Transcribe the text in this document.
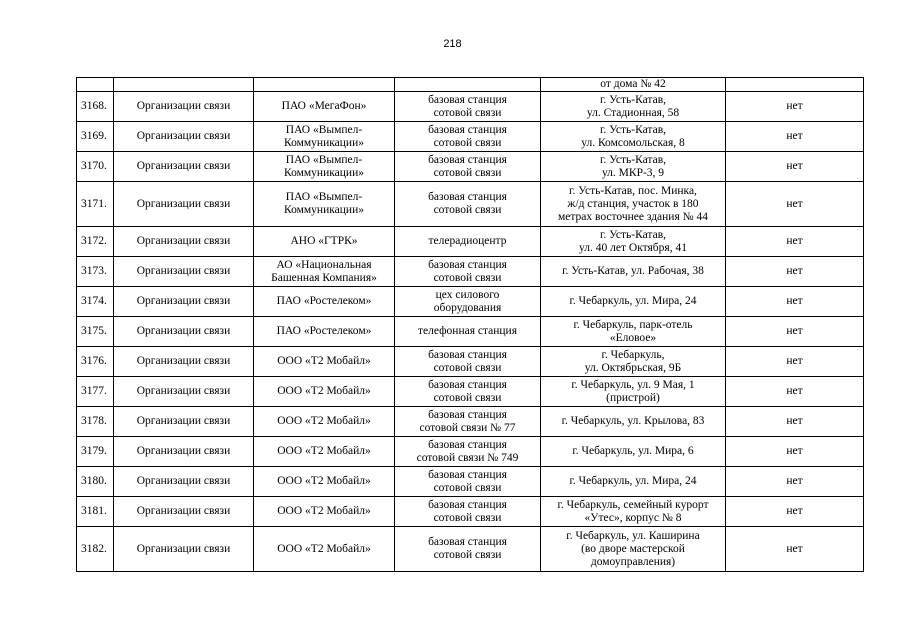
218
				от дома № 42	
3168.	Организации связи	ПАО «МегаФон»	базовая станция
сотовой связи	г. Усть-Катав,
ул. Стадионная, 58	нет
3169.	Организации связи	ПАО «Вымпел-
Коммуникации»	базовая станция
сотовой связи	г. Усть-Катав,
ул. Комсомольская, 8	нет
3170.	Организации связи	ПАО «Вымпел-
Коммуникации»	базовая станция
сотовой связи	г. Усть-Катав,
ул. МКР-3, 9	нет
3171.	Организации связи	ПАО «Вымпел-
Коммуникации»	базовая станция
сотовой связи	г. Усть-Катав, пос. Минка,
ж/д станция, участок в 180
метрах восточнее здания № 44	нет
3172.	Организации связи	АНО «ГТРК»	телерадиоцентр	г. Усть-Катав,
ул. 40 лет Октября, 41	нет
3173.	Организации связи	АО «Национальная
Башенная Компания»	базовая станция
сотовой связи	г. Усть-Катав, ул. Рабочая, 38	нет
3174.	Организации связи	ПАО «Ростелеком»	цех силового
оборудования	г. Чебаркуль, ул. Мира, 24	нет
3175.	Организации связи	ПАО «Ростелеком»	телефонная станция	г. Чебаркуль, парк-отель
«Еловое»	нет
3176.	Организации связи	ООО «Т2 Мобайл»	базовая станция
сотовой связи	г. Чебаркуль,
ул. Октябрьская, 9Б	нет
3177.	Организации связи	ООО «Т2 Мобайл»	базовая станция
сотовой связи	г. Чебаркуль, ул. 9 Мая, 1
(пристрой)	нет
3178.	Организации связи	ООО «Т2 Мобайл»	базовая станция
сотовой связи № 77	г. Чебаркуль, ул. Крылова, 83	нет
3179.	Организации связи	ООО «Т2 Мобайл»	базовая станция
сотовой связи № 749	г. Чебаркуль, ул. Мира, 6	нет
3180.	Организации связи	ООО «Т2 Мобайл»	базовая станция
сотовой связи	г. Чебаркуль, ул. Мира, 24	нет
3181.	Организации связи	ООО «Т2 Мобайл»	базовая станция
сотовой связи	г. Чебаркуль, семейный курорт
«Утес», корпус № 8	нет
3182.	Организации связи	ООО «Т2 Мобайл»	базовая станция
сотовой связи	г. Чебаркуль, ул. Каширина
(во дворе мастерской
домоуправления)	нет
